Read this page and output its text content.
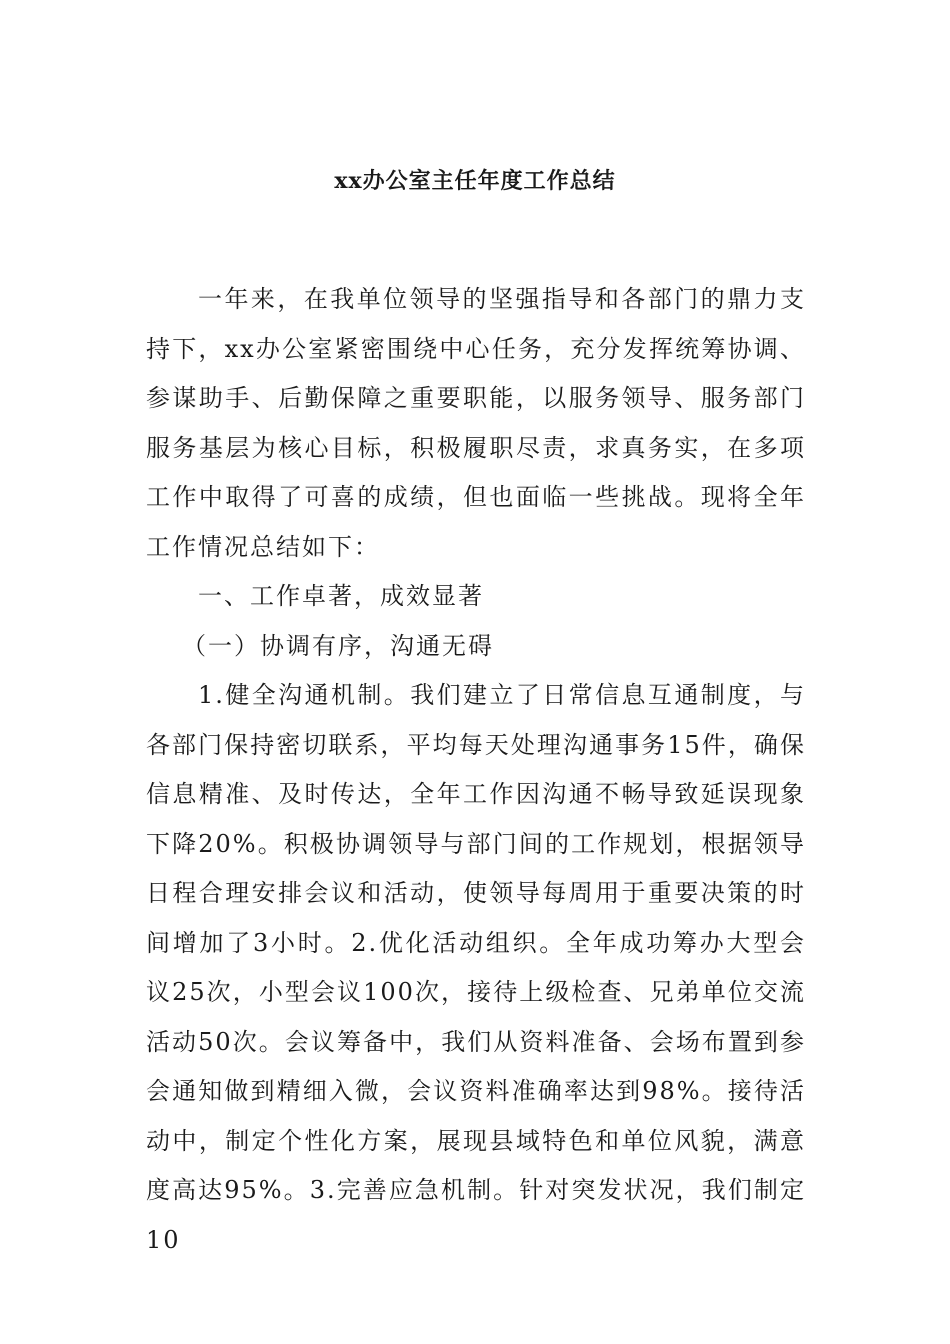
xx办公室主任年度工作总结

一年来，在我单位领导的坚强指导和各部门的鼎力支持下，xx办公室紧密围绕中心任务，充分发挥统筹协调、参谋助手、后勤保障之重要职能，以服务领导、服务部门服务基层为核心目标，积极履职尽责，求真务实，在多项工作中取得了可喜的成绩，但也面临一些挑战。现将全年工作情况总结如下：

一、工作卓著，成效显著

（一）协调有序，沟通无碍

1.健全沟通机制。我们建立了日常信息互通制度，与各部门保持密切联系，平均每天处理沟通事务15件，确保信息精准、及时传达，全年工作因沟通不畅导致延误现象下降20%。积极协调领导与部门间的工作规划，根据领导日程合理安排会议和活动，使领导每周用于重要决策的时间增加了3小时。2.优化活动组织。全年成功筹办大型会议25次，小型会议100次，接待上级检查、兄弟单位交流活动50次。会议筹备中，我们从资料准备、会场布置到参会通知做到精细入微，会议资料准确率达到98%。接待活动中，制定个性化方案，展现县域特色和单位风貌，满意度高达95%。3.完善应急机制。针对突发状况，我们制定10
